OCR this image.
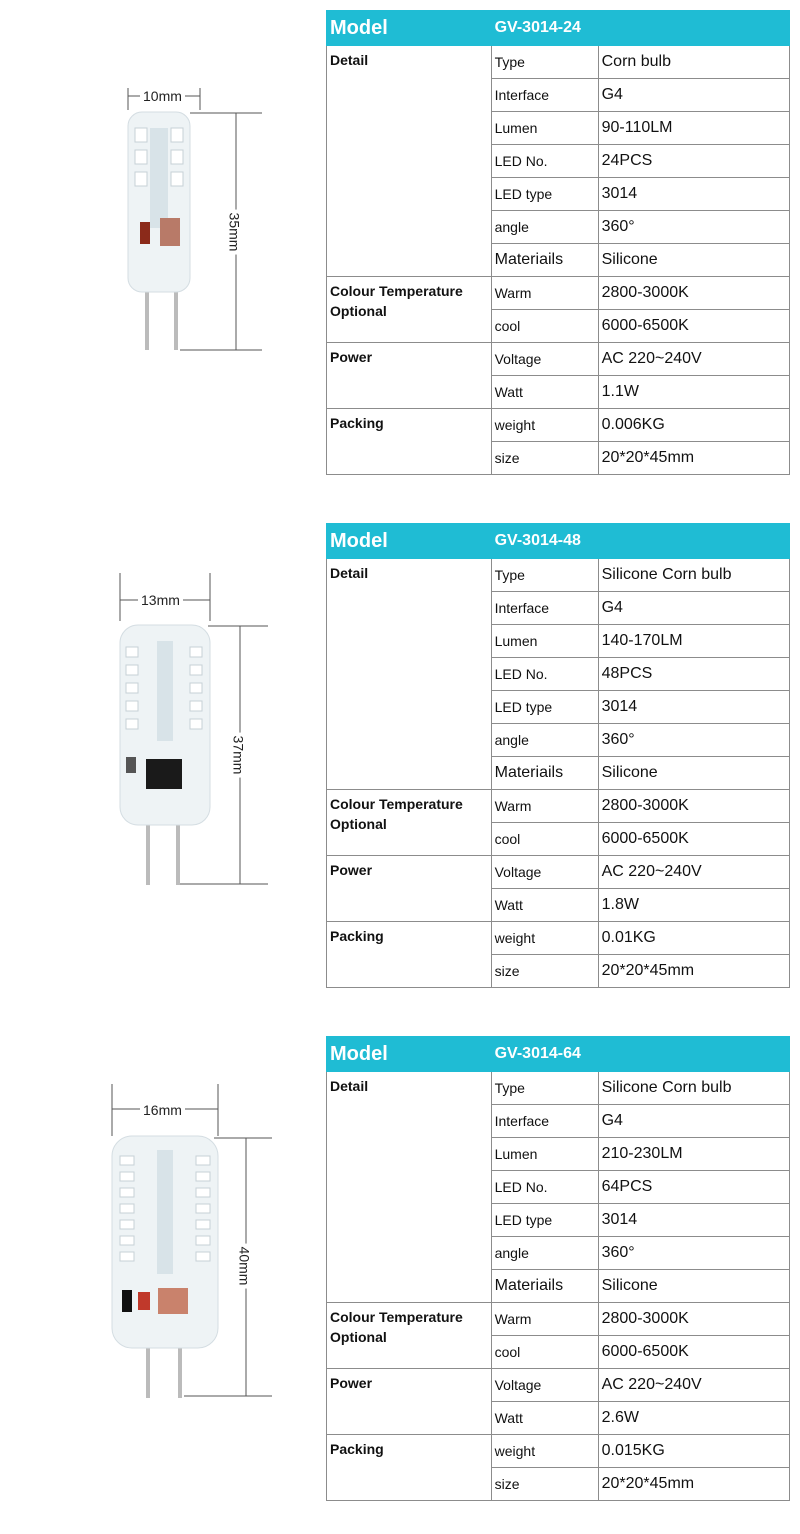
10mm
35mm
Model	GV-3014-24	
Detail	Type	Corn bulb
	Interface	G4
	Lumen	90-110LM
	LED No.	24PCS
	LED type	3014
	angle	360°
	Materiails	Silicone
Colour Temperature
Optional	Warm	2800-3000K
	cool	6000-6500K
Power	Voltage	AC 220~240V
	Watt	1.1W
Packing	weight	0.006KG
	size	20*20*45mm
13mm
37mm
Model	GV-3014-48	
Detail	Type	Silicone Corn bulb
	Interface	G4
	Lumen	140-170LM
	LED No.	48PCS
	LED type	3014
	angle	360°
	Materiails	Silicone
Colour Temperature
Optional	Warm	2800-3000K
	cool	6000-6500K
Power	Voltage	AC 220~240V
	Watt	1.8W
Packing	weight	0.01KG
	size	20*20*45mm
16mm
40mm
Model	GV-3014-64	
Detail	Type	Silicone Corn bulb
	Interface	G4
	Lumen	210-230LM
	LED No.	64PCS
	LED type	3014
	angle	360°
	Materiails	Silicone
Colour Temperature
Optional	Warm	2800-3000K
	cool	6000-6500K
Power	Voltage	AC 220~240V
	Watt	2.6W
Packing	weight	0.015KG
	size	20*20*45mm
